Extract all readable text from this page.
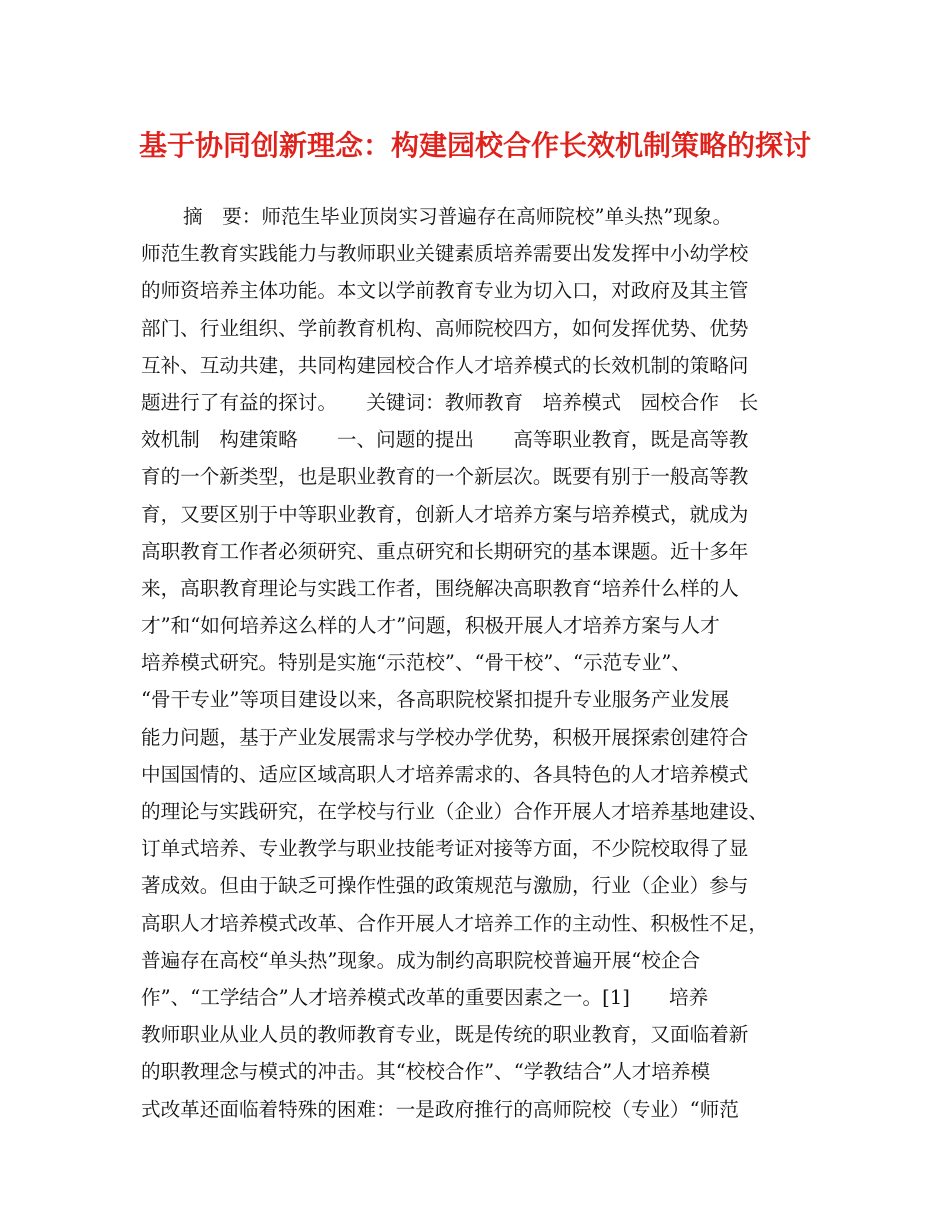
基于协同创新理念：构建园校合作长效机制策略的探讨
摘　要：师范生毕业顶岗实习普遍存在高师院校”单头热”现象。
师范生教育实践能力与教师职业关键素质培养需要出发发挥中小幼学校
的师资培养主体功能。本文以学前教育专业为切入口，对政府及其主管
部门、行业组织、学前教育机构、高师院校四方，如何发挥优势、优势
互补、互动共建，共同构建园校合作人才培养模式的长效机制的策略问
题进行了有益的探讨。　　关键词：教师教育　培养模式　园校合作　长
效机制　构建策略　　一、问题的提出　　高等职业教育，既是高等教
育的一个新类型，也是职业教育的一个新层次。既要有别于一般高等教
育，又要区别于中等职业教育，创新人才培养方案与培养模式，就成为
高职教育工作者必须研究、重点研究和长期研究的基本课题。近十多年
来，高职教育理论与实践工作者，围绕解决高职教育“培养什么样的人
才”和“如何培养这么样的人才”问题，积极开展人才培养方案与人才
培养模式研究。特别是实施“示范校”、“骨干校”、“示范专业”、
“骨干专业”等项目建设以来，各高职院校紧扣提升专业服务产业发展
能力问题，基于产业发展需求与学校办学优势，积极开展探索创建符合
中国国情的、适应区域高职人才培养需求的、各具特色的人才培养模式
的理论与实践研究，在学校与行业（企业）合作开展人才培养基地建设、
订单式培养、专业教学与职业技能考证对接等方面，不少院校取得了显
著成效。但由于缺乏可操作性强的政策规范与激励，行业（企业）参与
高职人才培养模式改革、合作开展人才培养工作的主动性、积极性不足，
普遍存在高校“单头热”现象。成为制约高职院校普遍开展“校企合
作”、“工学结合”人才培养模式改革的重要因素之一。[1]　　培养
教师职业从业人员的教师教育专业，既是传统的职业教育，又面临着新
的职教理念与模式的冲击。其“校校合作”、“学教结合”人才培养模
式改革还面临着特殊的困难：一是政府推行的高师院校（专业）“师范
